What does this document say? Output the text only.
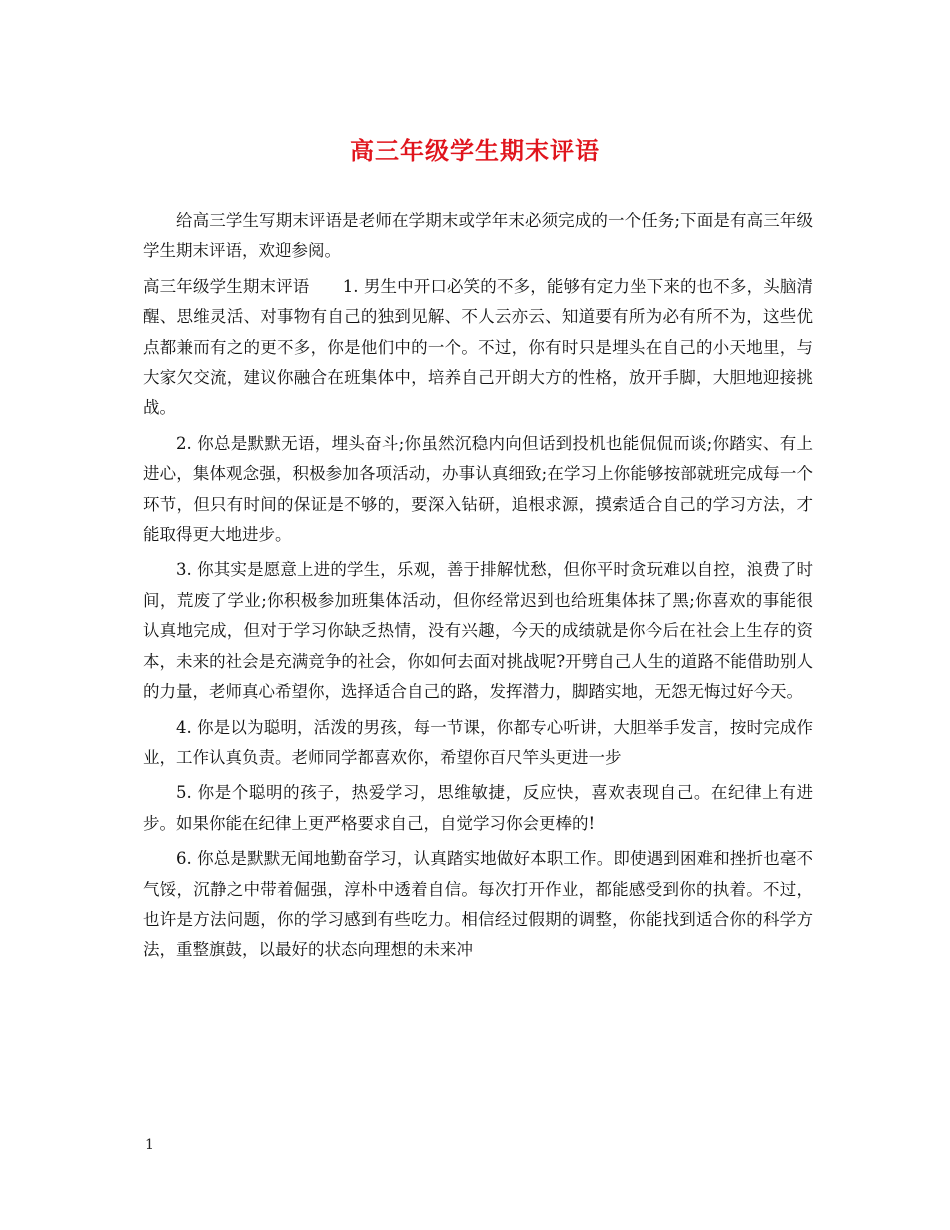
高三年级学生期末评语

给高三学生写期末评语是老师在学期末或学年末必须完成的一个任务;下面是有高三年级学生期末评语，欢迎参阅。

高三年级学生期末评语　　1. 男生中开口必笑的不多，能够有定力坐下来的也不多，头脑清醒、思维灵活、对事物有自己的独到见解、不人云亦云、知道要有所为必有所不为，这些优点都兼而有之的更不多，你是他们中的一个。不过，你有时只是埋头在自己的小天地里，与大家欠交流，建议你融合在班集体中，培养自己开朗大方的性格，放开手脚，大胆地迎接挑战。

2. 你总是默默无语，埋头奋斗;你虽然沉稳内向但话到投机也能侃侃而谈;你踏实、有上进心，集体观念强，积极参加各项活动，办事认真细致;在学习上你能够按部就班完成每一个环节，但只有时间的保证是不够的，要深入钻研，追根求源，摸索适合自己的学习方法，才能取得更大地进步。

3. 你其实是愿意上进的学生，乐观，善于排解忧愁，但你平时贪玩难以自控，浪费了时间，荒废了学业;你积极参加班集体活动，但你经常迟到也给班集体抹了黑;你喜欢的事能很认真地完成，但对于学习你缺乏热情，没有兴趣，今天的成绩就是你今后在社会上生存的资本，未来的社会是充满竞争的社会，你如何去面对挑战呢?开劈自己人生的道路不能借助别人的力量，老师真心希望你，选择适合自己的路，发挥潜力，脚踏实地，无怨无悔过好今天。

4. 你是以为聪明，活泼的男孩，每一节课，你都专心听讲，大胆举手发言，按时完成作业，工作认真负责。老师同学都喜欢你，希望你百尺竿头更进一步

5. 你是个聪明的孩子，热爱学习，思维敏捷，反应快，喜欢表现自己。在纪律上有进步。如果你能在纪律上更严格要求自己，自觉学习你会更棒的!

6. 你总是默默无闻地勤奋学习，认真踏实地做好本职工作。即使遇到困难和挫折也毫不气馁，沉静之中带着倔强，淳朴中透着自信。每次打开作业，都能感受到你的执着。不过，也许是方法问题，你的学习感到有些吃力。相信经过假期的调整，你能找到适合你的科学方法，重整旗鼓，以最好的状态向理想的未来冲

1
